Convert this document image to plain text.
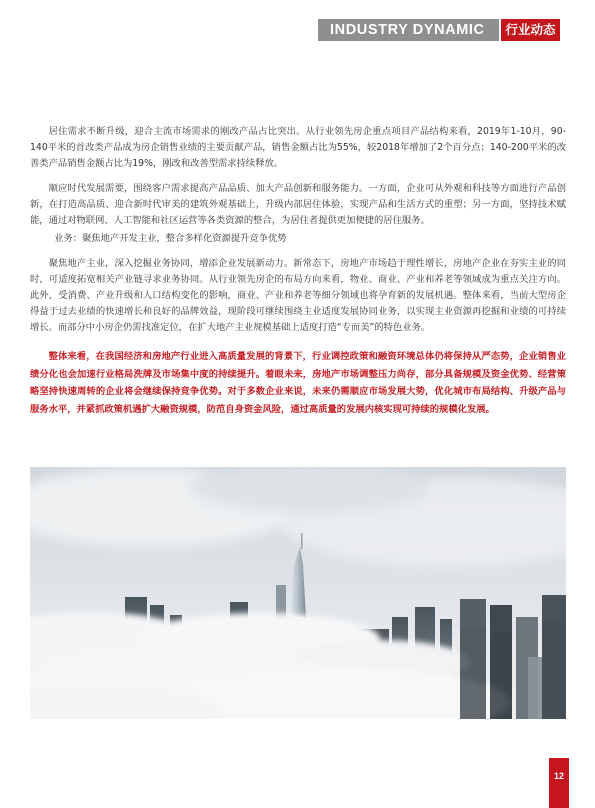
INDUSTRY DYNAMIC	行业动态

居住需求不断升级，迎合主流市场需求的刚改产品占比突出。从行业领先房企重点项目产品结构来看，2019年1-10月，90-140平米的首改类产品成为房企销售业绩的主要贡献产品，销售金额占比为55%，较2018年增加了2个百分点；140-200平米的改善类产品销售金额占比为19%，刚改和改善型需求持续释放。

顺应时代发展需要，围绕客户需求提高产品品质、加大产品创新和服务能力。一方面，企业可从外观和科技等方面进行产品创新，在打造高品质、迎合新时代审美的建筑外观基础上，升级内部居住体验，实现产品和生活方式的重塑；另一方面，坚持技术赋能，通过对物联网、人工智能和社区运营等各类资源的整合，为居住者提供更加便捷的居住服务。

业务：聚焦地产开发主业，整合多样化资源提升竞争优势

聚焦地产主业，深入挖掘业务协同，增添企业发展新动力。新常态下，房地产市场趋于理性增长，房地产企业在夯实主业的同时，可适度拓宽相关产业链寻求业务协同。从行业领先房企的布局方向来看，物业、商业、产业和养老等领域成为重点关注方向。此外，受消费、产业升级和人口结构变化的影响，商业、产业和养老等细分领域也将孕育新的发展机遇。整体来看，当前大型房企得益于过去业绩的快速增长和良好的品牌效益，现阶段可继续围绕主业适度发展协同业务，以实现主业资源再挖掘和业绩的可持续增长。而部分中小房企仍需找准定位，在扩大地产主业规模基础上适度打造“专而美”的特色业务。

整体来看，在我国经济和房地产行业进入高质量发展的背景下，行业调控政策和融资环境总体仍将保持从严态势，企业销售业绩分化也会加速行业格局洗牌及市场集中度的持续提升。着眼未来，房地产市场调整压力尚存，部分具备规模及资金优势、经营策略坚持快速周转的企业将会继续保持竞争优势。对于多数企业来说，未来仍需顺应市场发展大势，优化城市布局结构、升级产品与服务水平，并紧抓政策机遇扩大融资规模，防范自身资金风险，通过高质量的发展内核实现可持续的规模化发展。

12
